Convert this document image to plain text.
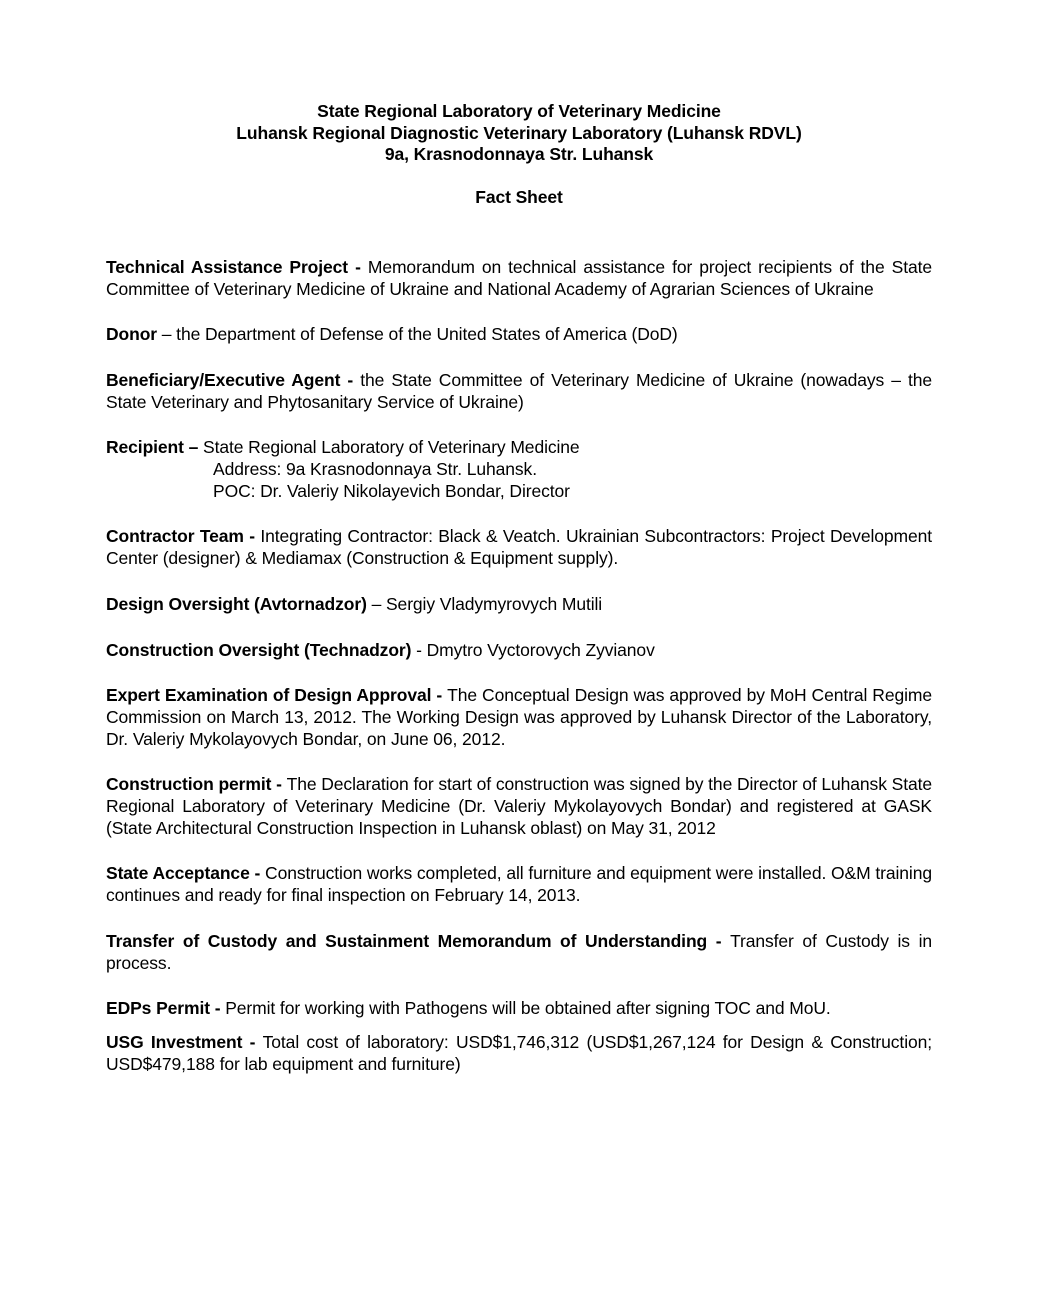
State Regional Laboratory of Veterinary Medicine
Luhansk Regional Diagnostic Veterinary Laboratory (Luhansk RDVL)
9a, Krasnodonnaya Str. Luhansk
Fact Sheet

Technical Assistance Project - Memorandum on technical assistance for project recipients of the State Committee of Veterinary Medicine of Ukraine and National Academy of Agrarian Sciences of Ukraine

Donor – the Department of Defense of the United States of America (DoD)

Beneficiary/Executive Agent - the State Committee of Veterinary Medicine of Ukraine (nowadays – the State Veterinary and Phytosanitary Service of Ukraine)

Recipient – State Regional Laboratory of Veterinary Medicine
Address: 9a Krasnodonnaya Str. Luhansk.
POC: Dr. Valeriy Nikolayevich Bondar, Director

Contractor Team - Integrating Contractor: Black & Veatch. Ukrainian Subcontractors: Project Development Center (designer) & Mediamax (Construction & Equipment supply).

Design Oversight (Avtornadzor) – Sergiy Vladymyrovych Mutili

Construction Oversight (Technadzor) - Dmytro Vyctorovych Zyvianov

Expert Examination of Design Approval - The Conceptual Design was approved by MoH Central Regime Commission on March 13, 2012. The Working Design was approved by Luhansk Director of the Laboratory, Dr. Valeriy Mykolayovych Bondar, on June 06, 2012.

Construction permit - The Declaration for start of construction was signed by the Director of Luhansk State Regional Laboratory of Veterinary Medicine (Dr. Valeriy Mykolayovych Bondar) and registered at GASK (State Architectural Construction Inspection in Luhansk oblast) on May 31, 2012

State Acceptance - Construction works completed, all furniture and equipment were installed. O&M training continues and ready for final inspection on February 14, 2013.

Transfer of Custody and Sustainment Memorandum of Understanding - Transfer of Custody is in process.

EDPs Permit - Permit for working with Pathogens will be obtained after signing TOC and MoU.

USG Investment - Total cost of laboratory: USD$1,746,312 (USD$1,267,124 for Design & Construction; USD$479,188 for lab equipment and furniture)
